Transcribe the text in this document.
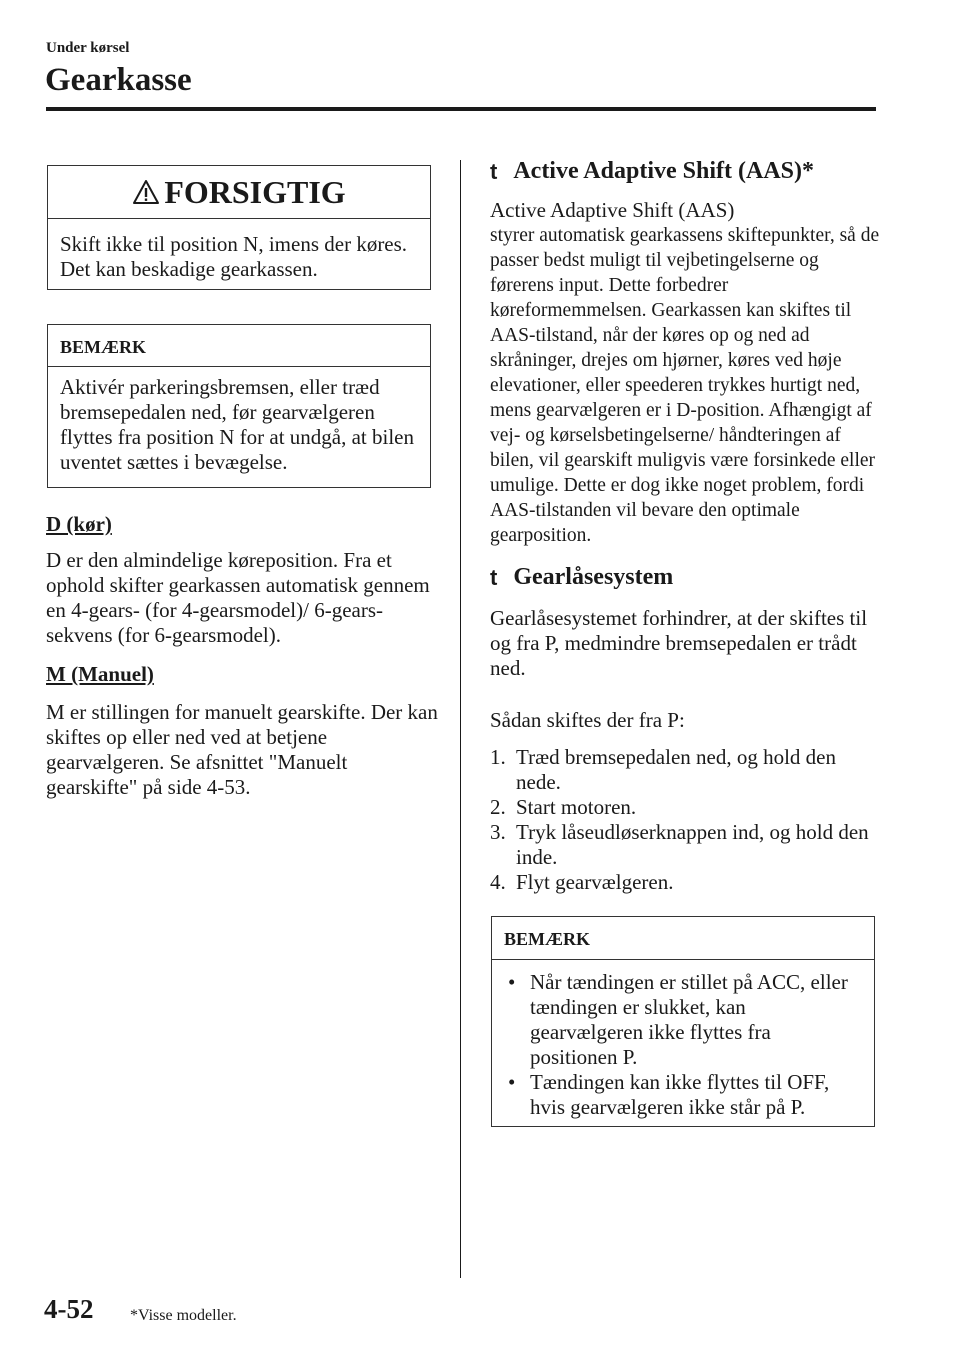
Under kørsel
Gearkasse
FORSIGTIG
Skift ikke til position N, imens der køres. Det kan beskadige gearkassen.
BEMÆRK
Aktivér parkeringsbremsen, eller træd bremsepedalen ned, før gearvælgeren flyttes fra position N for at undgå, at bilen uventet sættes i bevægelse.
D (kør)
D er den almindelige køreposition. Fra et ophold skifter gearkassen automatisk gennem en 4-gears- (for 4-gearsmodel)/ 6-gears-sekvens (for 6-gearsmodel).
M (Manuel)
M er stillingen for manuelt gearskifte. Der kan skiftes op eller ned ved at betjene gearvælgeren. Se afsnittet "Manuelt gearskifte" på side 4-53.
t Active Adaptive Shift (AAS)*
Active Adaptive Shift (AAS)
styrer automatisk gearkassens skiftepunkter, så de passer bedst muligt til vejbetingelserne og førerens input. Dette forbedrer køreformemmelsen. Gearkassen kan skiftes til AAS-tilstand, når der køres op og ned ad skråninger, drejes om hjørner, køres ved høje elevationer, eller speederen trykkes hurtigt ned, mens gearvælgeren er i D-position. Afhængigt af vej- og kørselsbetingelserne/ håndteringen af bilen, vil gearskift muligvis være forsinkede eller umulige. Dette er dog ikke noget problem, fordi AAS-tilstanden vil bevare den optimale gearposition.
t Gearlåsesystem
Gearlåsesystemet forhindrer, at der skiftes til og fra P, medmindre bremsepedalen er trådt ned.
Sådan skiftes der fra P:
1. Træd bremsepedalen ned, og hold den nede.
2. Start motoren.
3. Tryk låseudløserknappen ind, og hold den inde.
4. Flyt gearvælgeren.
BEMÆRK
• Når tændingen er stillet på ACC, eller tændingen er slukket, kan gearvælgeren ikke flyttes fra positionen P.
• Tændingen kan ikke flyttes til OFF, hvis gearvælgeren ikke står på P.
4-52 *Visse modeller.
